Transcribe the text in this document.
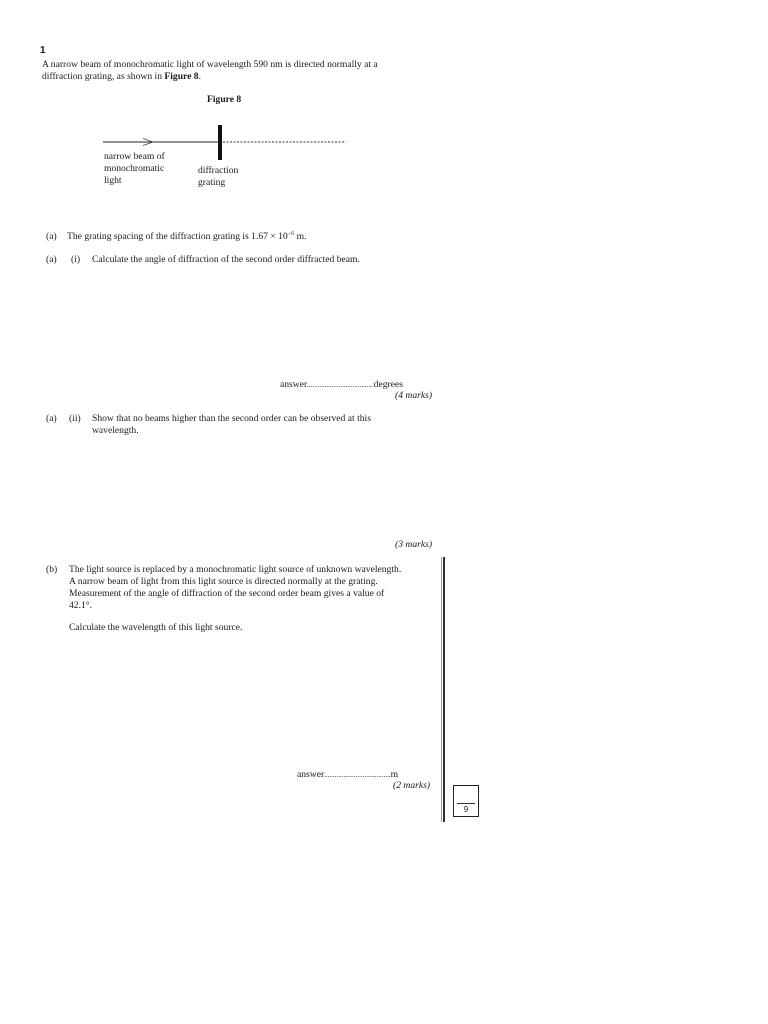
1
A narrow beam of monochromatic light of wavelength 590 nm is directed normally at a
diffraction grating, as shown in Figure 8.
Figure 8
narrow beam of
monochromatic
light
diffraction
grating
(a) The grating spacing of the diffraction grating is $1.67 \times 10^{-6}$ m.
(a) (i) Calculate the angle of diffraction of the second order diffracted beam.
answer......................................degrees
(4 marks)
(a) (ii) Show that no beams higher than the second order can be observed at this
wavelength.
(3 marks)
(b) The light source is replaced by a monochromatic light source of unknown wavelength.
A narrow beam of light from this light source is directed normally at the grating.
Measurement of the angle of diffraction of the second order beam gives a value of
42.1°.
Calculate the wavelength of this light source.
answer......................................m
(2 marks)
9
